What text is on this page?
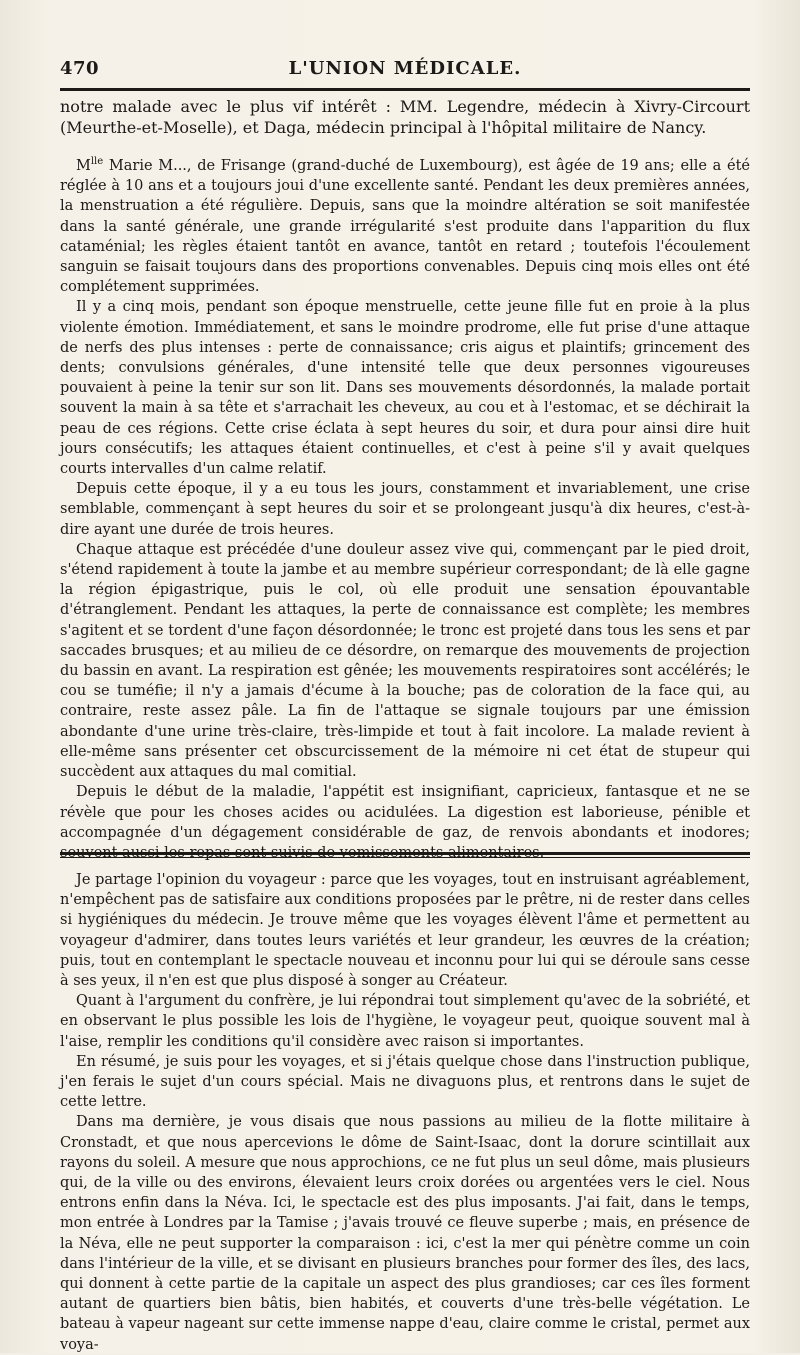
470	L'UNION MÉDICALE.

notre malade avec le plus vif intérêt : MM. Legendre, médecin à Xivry-Circourt (Meurthe-et-Moselle), et Daga, médecin principal à l'hôpital militaire de Nancy.

$M^{lle}$ Marie M..., de Frisange (grand-duché de Luxembourg), est âgée de 19 ans; elle a été réglée à 10 ans et a toujours joui d'une excellente santé. Pendant les deux premières années, la menstruation a été régulière. Depuis, sans que la moindre altération se soit manifestée dans la santé générale, une grande irrégularité s'est produite dans l'apparition du flux cataménial; les règles étaient tantôt en avance, tantôt en retard ; toutefois l'écoulement sanguin se faisait toujours dans des proportions convenables. Depuis cinq mois elles ont été complétement supprimées.

Il y a cinq mois, pendant son époque menstruelle, cette jeune fille fut en proie à la plus violente émotion. Immédiatement, et sans le moindre prodrome, elle fut prise d'une attaque de nerfs des plus intenses : perte de connaissance; cris aigus et plaintifs; grincement des dents; convulsions générales, d'une intensité telle que deux personnes vigoureuses pouvaient à peine la tenir sur son lit. Dans ses mouvements désordonnés, la malade portait souvent la main à sa tête et s'arrachait les cheveux, au cou et à l'estomac, et se déchirait la peau de ces régions. Cette crise éclata à sept heures du soir, et dura pour ainsi dire huit jours consécutifs; les attaques étaient continuelles, et c'est à peine s'il y avait quelques courts intervalles d'un calme relatif.

Depuis cette époque, il y a eu tous les jours, constamment et invariablement, une crise semblable, commençant à sept heures du soir et se prolongeant jusqu'à dix heures, c'est-à-dire ayant une durée de trois heures.

Chaque attaque est précédée d'une douleur assez vive qui, commençant par le pied droit, s'étend rapidement à toute la jambe et au membre supérieur correspondant; de là elle gagne la région épigastrique, puis le col, où elle produit une sensation épouvantable d'étranglement. Pendant les attaques, la perte de connaissance est complète; les membres s'agitent et se tordent d'une façon désordonnée; le tronc est projeté dans tous les sens et par saccades brusques; et au milieu de ce désordre, on remarque des mouvements de projection du bassin en avant. La respiration est gênée; les mouvements respiratoires sont accélérés; le cou se tuméfie; il n'y a jamais d'écume à la bouche; pas de coloration de la face qui, au contraire, reste assez pâle. La fin de l'attaque se signale toujours par une émission abondante d'une urine très-claire, très-limpide et tout à fait incolore. La malade revient à elle-même sans présenter cet obscurcissement de la mémoire ni cet état de stupeur qui succèdent aux attaques du mal comitial.

Depuis le début de la maladie, l'appétit est insignifiant, capricieux, fantasque et ne se révèle que pour les choses acides ou acidulées. La digestion est laborieuse, pénible et accompagnée d'un dégagement considérable de gaz, de renvois abondants et inodores;

Je partage l'opinion du voyageur : parce que les voyages, tout en instruisant agréablement, n'empêchent pas de satisfaire aux conditions proposées par le prêtre, ni de rester dans celles si hygiéniques du médecin. Je trouve même que les voyages élèvent l'âme et permettent au voyageur d'admirer, dans toutes leurs variétés et leur grandeur, les œuvres de la création; puis, tout en contemplant le spectacle nouveau et inconnu pour lui qui se déroule sans cesse à ses yeux, il n'en est que plus disposé à songer au Créateur.

Quant à l'argument du confrère, je lui répondrai tout simplement qu'avec de la sobriété, et en observant le plus possible les lois de l'hygiène, le voyageur peut, quoique souvent mal à l'aise, remplir les conditions qu'il considère avec raison si importantes.

En résumé, je suis pour les voyages, et si j'étais quelque chose dans l'instruction publique, j'en ferais le sujet d'un cours spécial. Mais ne divaguons plus, et rentrons dans le sujet de cette lettre.

Dans ma dernière, je vous disais que nous passions au milieu de la flotte militaire à Cronstadt, et que nous apercevions le dôme de Saint-Isaac, dont la dorure scintillait aux rayons du soleil. A mesure que nous approchions, ce ne fut plus un seul dôme, mais plusieurs qui, de la ville ou des environs, élevaient leurs croix dorées ou argentées vers le ciel. Nous entrons enfin dans la Néva. Ici, le spectacle est des plus imposants. J'ai fait, dans le temps, mon entrée à Londres par la Tamise ; j'avais trouvé ce fleuve superbe ; mais, en présence de la Néva, elle ne peut supporter la comparaison : ici, c'est la mer qui pénètre comme un coin dans l'intérieur de la ville, et se divisant en plusieurs branches pour former des îles, des lacs, qui donnent à cette partie de la capitale un aspect des plus grandioses; car ces îles forment autant de quartiers bien bâtis, bien habités, et couverts d'une très-belle végétation. Le bateau à vapeur nageant sur cette immense nappe d'eau, claire comme le cristal, permet aux voya-
